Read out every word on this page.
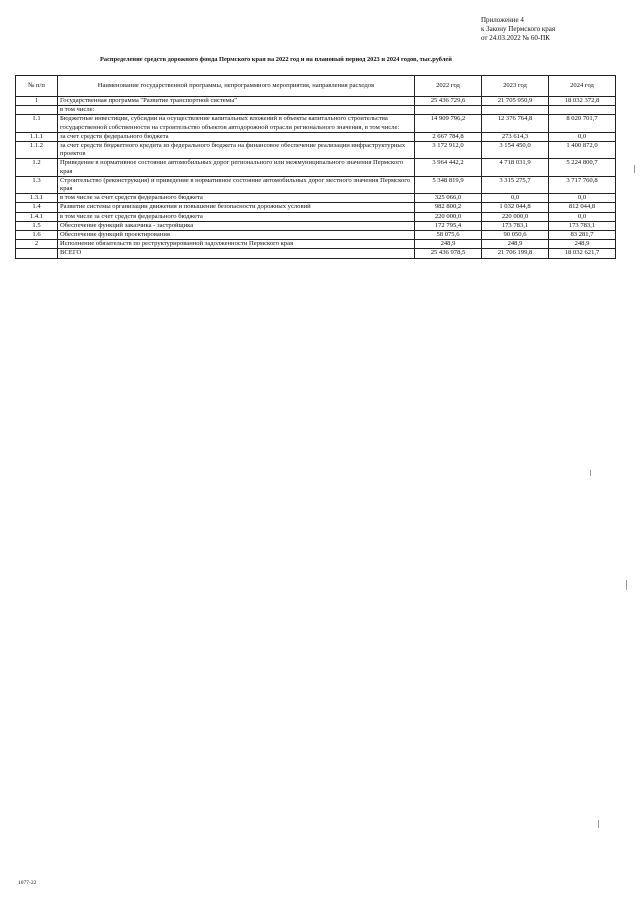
Приложение 4
к Закону Пермского края
от 24.03.2022 № 60-ПК
Распределение средств дорожного фонда Пермского края на 2022 год и на плановый период 2023 и 2024 годов, тыс.рублей
№ п/п	Наименование государственной программы, непрограммного мероприятия, направления расходов	2022 год	2023 год	2024 год
1	Государственная программа "Развитие транспортной системы"	25 436 729,6	21 705 950,9	18 032 372,8
	в том числе:			
1.1	Бюджетные инвестиции, субсидии на осуществление капитальных вложений в объекты капитального строительства государственной собственности на строительство объектов автодорожной отрасли регионального значения, в том числе:	14 909 796,2	12 376 764,8	8 020 701,7
1.1.1	за счет средств федерального бюджета	2 667 784,8	273 614,3	0,0
1.1.2	за счет средств бюджетного кредита из федерального бюджета на финансовое обеспечение реализации инфраструктурных проектов	3 172 912,0	3 154 450,0	1 400 872,0
1.2	Приведение в нормативное состояние автомобильных дорог регионального или межмуниципального значения Пермского края	3 964 442,2	4 718 031,9	5 224 800,7
1.3	Строительство (реконструкция) и приведение в нормативное состояние автомобильных дорог местного значения Пермского края	5 348 819,9	3 315 275,7	3 717 760,8
1.3.1	в том числе за счет средств федерального бюджета	325 066,0	0,0	0,0
1.4	Развитие системы организации движения и повышение безопасности дорожных условий	982 800,2	1 032 044,8	812 044,8
1.4.1	в том числе за счет средств федерального бюджета	220 000,0	220 000,0	0,0
1.5	Обеспечение функций заказчика - застройщика	172 795,4	173 783,1	173 783,1
1.6	Обеспечение функций проектирования	58 075,6	90 050,6	83 281,7
2	Исполнение обязательств по реструктурированной задолженности Пермского края	248,9	248,9	248,9
	ВСЕГО	25 436 978,5	21 706 199,8	18 032 621,7
1077-22
